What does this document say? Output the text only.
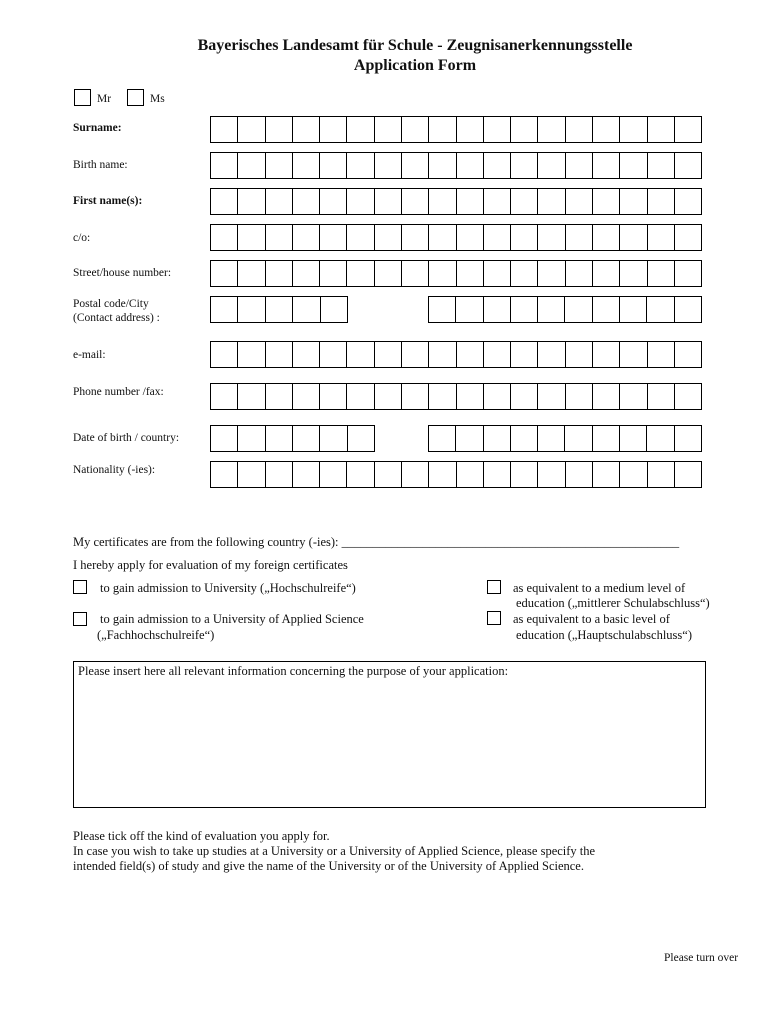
Bayerisches Landesamt für Schule - Zeugnisanerkennungsstelle
Application Form
Mr	Ms
Surname:
Birth name:
First name(s):
c/o:
Street/house number:
Postal code/City
(Contact address) :
e-mail:
Phone number /fax:
Date of birth / country:
Nationality (-ies):
My certificates are from the following country (-ies): ______________________________________________________
I hereby apply for evaluation of my foreign certificates
to gain admission to University („Hochschulreife“)
to gain admission to a University of Applied Science
(„Fachhochschulreife“)
as equivalent to a medium level of
education („mittlerer Schulabschluss“)
as equivalent to a basic level of
education („Hauptschulabschluss“)
Please insert here all relevant information concerning the purpose of your application:
Please tick off the kind of evaluation you apply for.
In case you wish to take up studies at a University or a University of Applied Science, please specify the
intended field(s) of study and give the name of the University or of the University of Applied Science.
Please turn over
